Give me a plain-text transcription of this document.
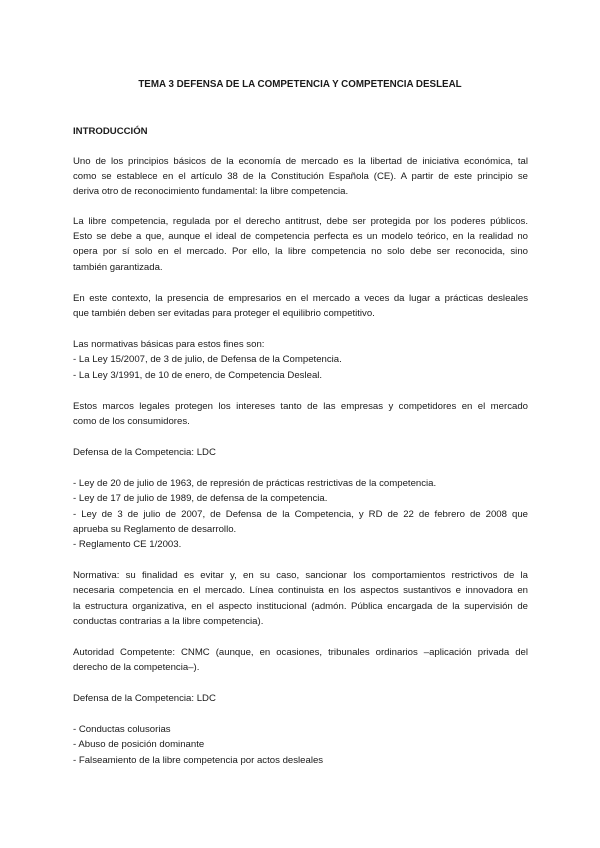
TEMA 3 DEFENSA DE LA COMPETENCIA Y COMPETENCIA DESLEAL
INTRODUCCIÓN
Uno de los principios básicos de la economía de mercado es la libertad de iniciativa económica, tal
como se establece en el artículo 38 de la Constitución Española (CE). A partir de este principio se
deriva otro de reconocimiento fundamental: la libre competencia.
La libre competencia, regulada por el derecho antitrust, debe ser protegida por los poderes públicos.
Esto se debe a que, aunque el ideal de competencia perfecta es un modelo teórico, en la realidad no
opera por sí solo en el mercado. Por ello, la libre competencia no solo debe ser reconocida, sino
también garantizada.
En este contexto, la presencia de empresarios en el mercado a veces da lugar a prácticas desleales
que también deben ser evitadas para proteger el equilibrio competitivo.
Las normativas básicas para estos fines son:
- La Ley 15/2007, de 3 de julio, de Defensa de la Competencia.
- La Ley 3/1991, de 10 de enero, de Competencia Desleal.
Estos marcos legales protegen los intereses tanto de las empresas y competidores en el mercado
como de los consumidores.
Defensa de la Competencia: LDC
- Ley de 20 de julio de 1963, de represión de prácticas restrictivas de la competencia.
- Ley de 17 de julio de 1989, de defensa de la competencia.
- Ley de 3 de julio de 2007, de Defensa de la Competencia, y RD de 22 de febrero de 2008 que
aprueba su Reglamento de desarrollo.
- Reglamento CE 1/2003.
Normativa: su finalidad es evitar y, en su caso, sancionar los comportamientos restrictivos de la
necesaria competencia en el mercado. Línea continuista en los aspectos sustantivos e innovadora en
la estructura organizativa, en el aspecto institucional (admón. Pública encargada de la supervisión de
conductas contrarias a la libre competencia).
Autoridad Competente: CNMC (aunque, en ocasiones, tribunales ordinarios –aplicación privada del
derecho de la competencia–).
Defensa de la Competencia: LDC
- Conductas colusorias
- Abuso de posición dominante
- Falseamiento de la libre competencia por actos desleales
